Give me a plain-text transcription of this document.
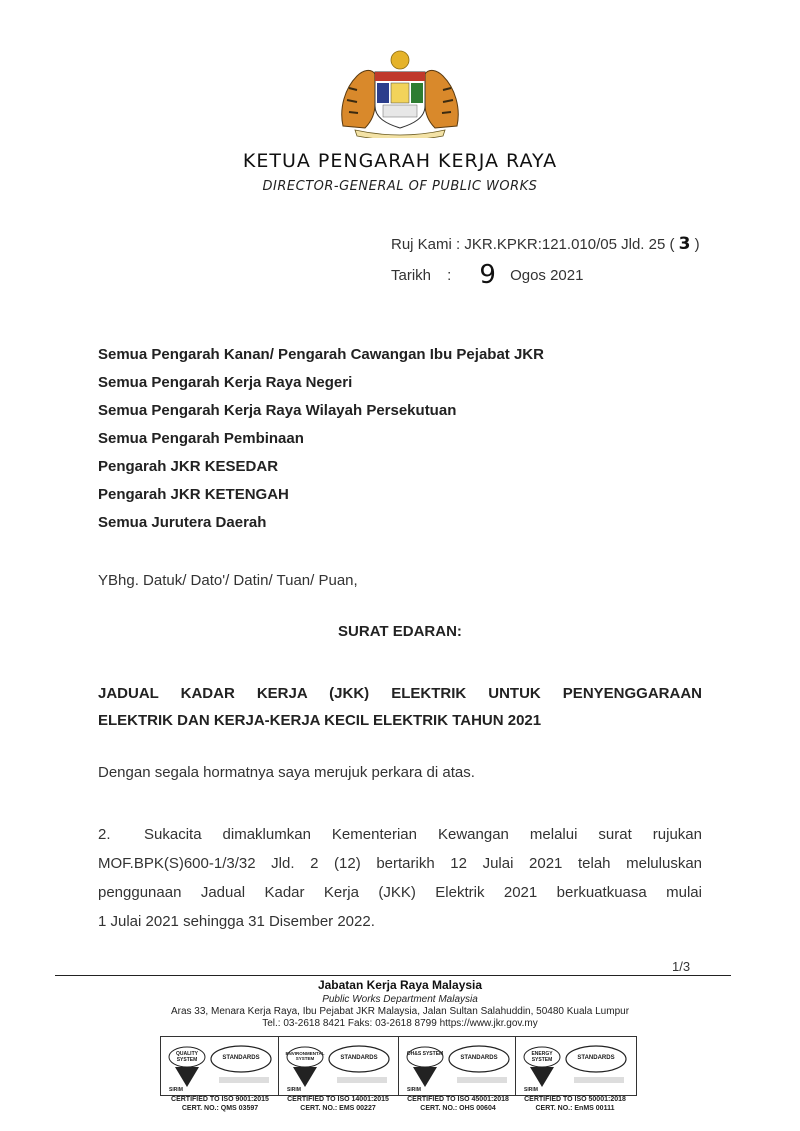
KETUA PENGARAH KERJA RAYA
DIRECTOR-GENERAL OF PUBLIC WORKS
Ruj Kami : JKR.KPKR:121.010/05 Jld. 25 ( 3 )
Tarikh : 9 Ogos 2021
Semua Pengarah Kanan/ Pengarah Cawangan Ibu Pejabat JKR
Semua Pengarah Kerja Raya Negeri
Semua Pengarah Kerja Raya Wilayah Persekutuan
Semua Pengarah Pembinaan
Pengarah JKR KESEDAR
Pengarah JKR KETENGAH
Semua Jurutera Daerah
YBhg. Datuk/ Dato'/ Datin/ Tuan/ Puan,
SURAT EDARAN:
JADUAL KADAR KERJA (JKK) ELEKTRIK UNTUK PENYENGGARAAN
ELEKTRIK DAN KERJA-KERJA KECIL ELEKTRIK TAHUN 2021
Dengan segala hormatnya saya merujuk perkara di atas.
2. Sukacita dimaklumkan Kementerian Kewangan melalui surat rujukan
MOF.BPK(S)600-1/3/32 Jld. 2 (12) bertarikh 12 Julai 2021 telah meluluskan
penggunaan Jadual Kadar Kerja (JKK) Elektrik 2021 berkuatkuasa mulai
1 Julai 2021 sehingga 31 Disember 2022.
1/3
Jabatan Kerja Raya Malaysia
Public Works Department Malaysia
Aras 33, Menara Kerja Raya, Ibu Pejabat JKR Malaysia, Jalan Sultan Salahuddin, 50480 Kuala Lumpur
Tel.: 03-2618 8421 Faks: 03-2618 8799 https://www.jkr.gov.my
QUALITY SYSTEM	STANDARDS
SIRIM
ENVIRONMENTAL SYSTEM	STANDARDS
SIRIM
OH&S SYSTEM
STANDARDS
SIRIM
ENERGY SYSTEM	STANDARDS
SIRIM
CERTIFIED TO ISO 9001:2015
CERT. NO.: QMS 03597
CERTIFIED TO ISO 14001:2015
CERT. NO.: EMS 00227
CERTIFIED TO ISO 45001:2018
CERT. NO.: OHS 00604
CERTIFIED TO ISO 50001:2018
CERT. NO.: EnMS 00111
